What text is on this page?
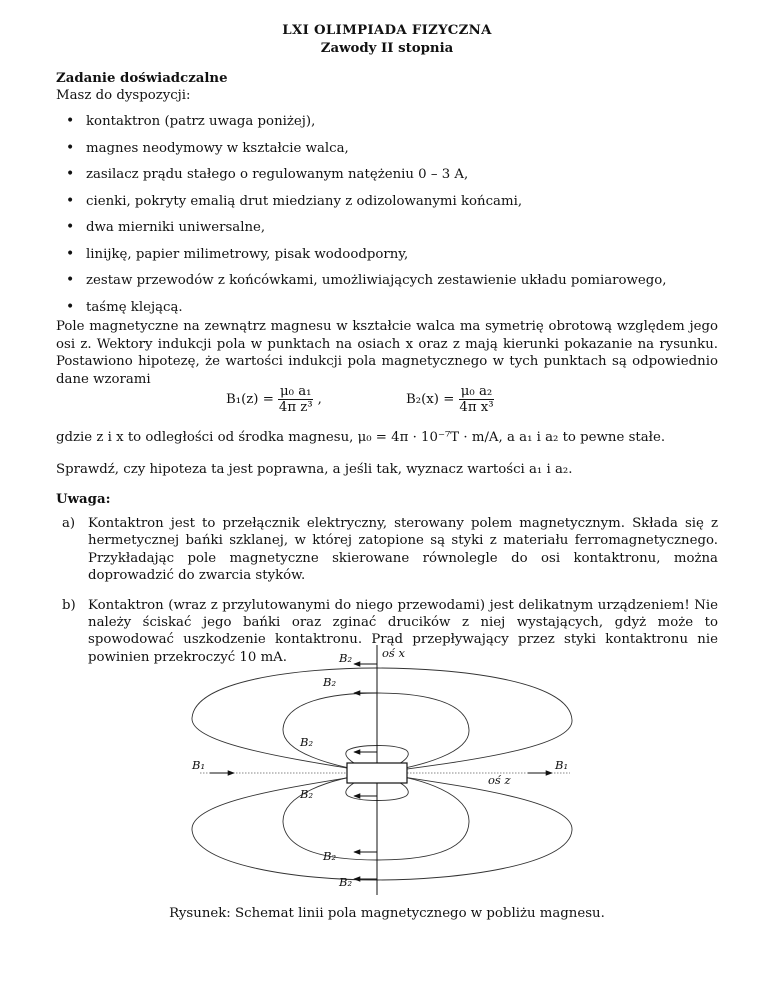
LXI OLIMPIADA FIZYCZNA
Zawody II stopnia
Zadanie doświadczalne
Masz do dyspozycji:
• kontaktron (patrz uwaga poniżej),
• magnes neodymowy w kształcie walca,
• zasilacz prądu stałego o regulowanym natężeniu 0 – 3 A,
• cienki, pokryty emalią drut miedziany z odizolowanymi końcami,
• dwa mierniki uniwersalne,
• linijkę, papier milimetrowy, pisak wodoodporny,
• zestaw przewodów z końcówkami, umożliwiających zestawienie układu pomiarowego,
• taśmę klejącą.
Pole magnetyczne na zewnątrz magnesu w kształcie walca ma symetrię obrotową względem jego osi z. Wektory indukcji pola w punktach na osiach x oraz z mają kierunki pokazanie na rysunku. Postawiono hipotezę, że wartości indukcji pola magnetycznego w tych punktach są odpowiednio dane wzorami
$B_1(z) = \frac{\text{μ₀ a₁}}{\text{4π z³}}$ ,	$B_2(x) = \frac{\text{μ₀ a₂}}{\text{4π x³}}$
gdzie z i x to odległości od środka magnesu, μ₀ = 4π · 10⁻⁷T · m/A, a a₁ i a₂ to pewne stałe.
Sprawdź, czy hipoteza ta jest poprawna, a jeśli tak, wyznacz wartości a₁ i a₂.
Uwaga:
a) Kontaktron jest to przełącznik elektryczny, sterowany polem magnetycznym. Składa się z hermetycznej bańki szklanej, w której zatopione są styki z materiału ferromagnetycznego. Przykładając pole magnetyczne skierowane równolegle do osi kontaktronu, można doprowadzić do zwarcia styków.
b) Kontaktron (wraz z przylutowanymi do niego przewodami) jest delikatnym urządzeniem! Nie należy ściskać jego bańki oraz zginać drucików z niej wystających, gdyż może to spowodować uszkodzenie kontaktronu. Prąd przepływający przez styki kontaktronu nie powinien przekroczyć 10 mA.
Rysunek: Schemat linii pola magnetycznego w pobliżu magnesu.
oś x
oś z
B₁	B₁
B₂
B₂
B₂
B₂
B₂
B₂
